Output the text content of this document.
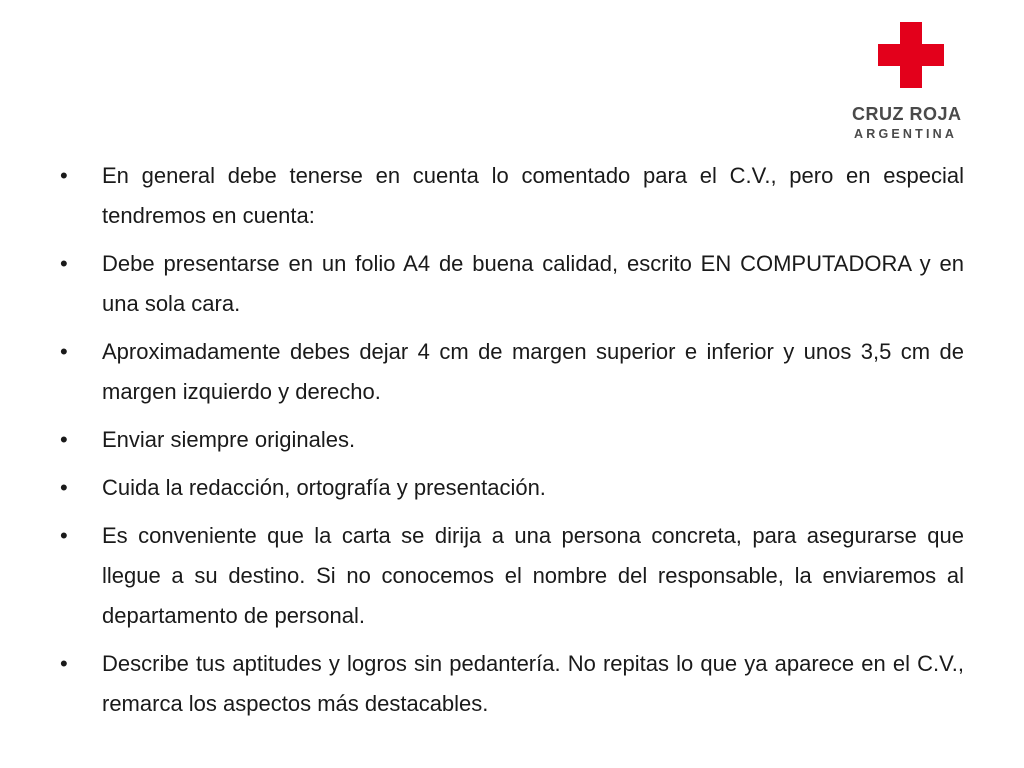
CRUZ ROJA
ARGENTINA
•	En general debe tenerse en cuenta lo comentado para el C.V., pero en especial tendremos en cuenta:
•	Debe presentarse en un folio A4 de buena calidad, escrito EN COMPUTADORA y en una sola cara.
•	Aproximadamente debes dejar 4 cm de margen superior e inferior y unos 3,5 cm de margen izquierdo y derecho.
•	Enviar siempre originales.
•	Cuida la redacción, ortografía y presentación.
•	Es conveniente que la carta se dirija a una persona concreta, para asegurarse que llegue a su destino. Si no conocemos el nombre del responsable, la enviaremos al departamento de personal.
•	Describe tus aptitudes y logros sin pedantería. No repitas lo que ya aparece en el C.V., remarca los aspectos más destacables.
